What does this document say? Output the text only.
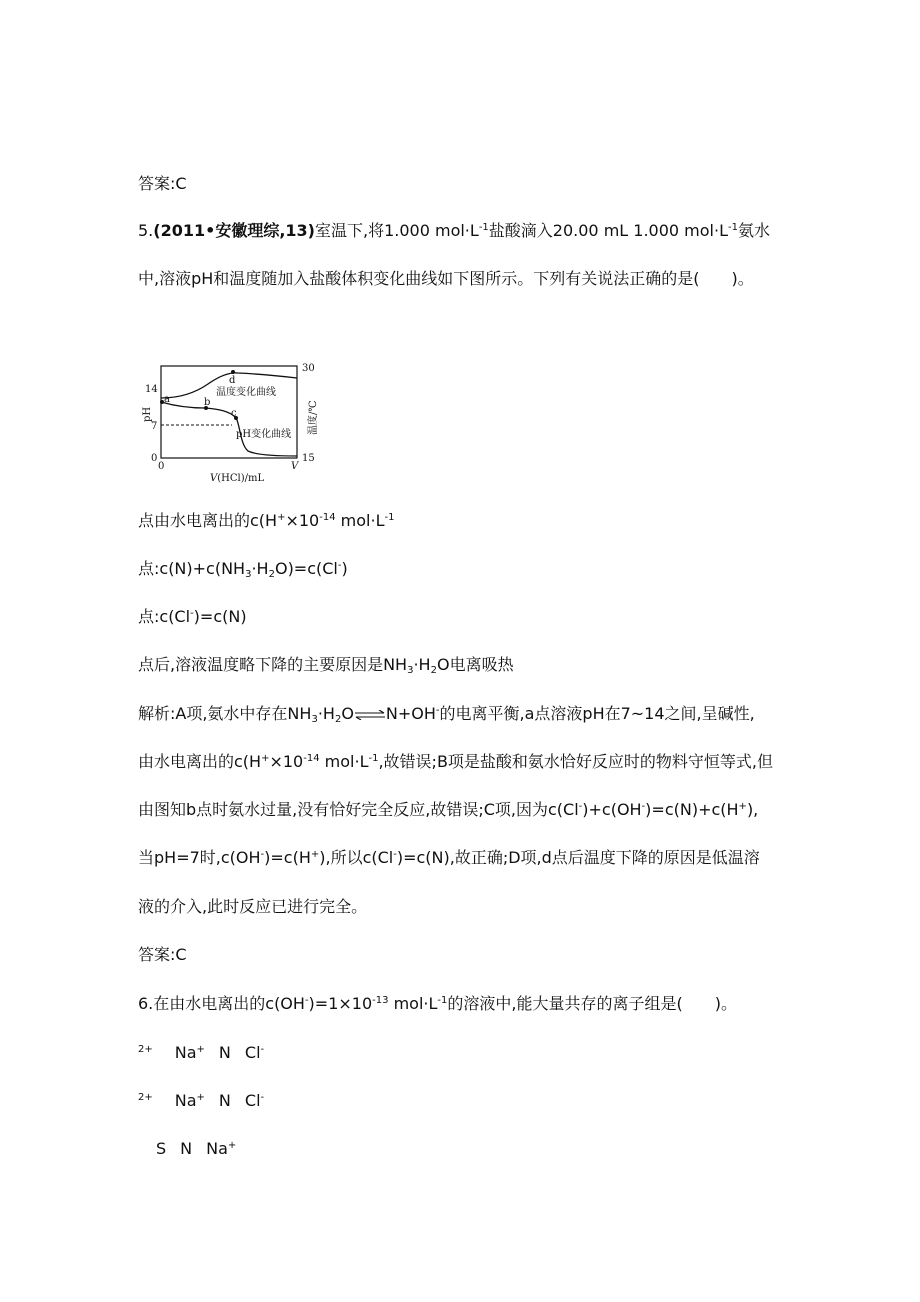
答案:C
5.(2011•安徽理综,13)室温下,将1.000 $mol\cdot L^{-1}$盐酸滴入20.00 mL 1.000 $mol\cdot L^{-1}$氨水
中,溶液pH和温度随加入盐酸体积变化曲线如下图所示。下列有关说法正确的是(　　)。
a	b
c
d
温度变化曲线
pH变化曲线
14
7
0
pH
30
15
温度/℃
0	V
V(HCl)/mL
点由水电离出的$c(H^+\times 10^{-14}$ $mol\cdot L^{-1}$
点$:c(N)+c(NH_3\cdot H_2O)=c(Cl^-)$
点:c(Cl-)=c(N)
点后,溶液温度略下降的主要原因是$NH_3\cdot H_2O$电离吸热
解析:A项,氨水中存在$NH_3\cdot H_2O\rightleftharpoons N+OH^-$的电离平衡,a点溶液pH在7~14之间,呈碱性,
由水电离出的$c(H^+\times 10^{-14}$ $mol\cdot L^{-1}$,故错误;B项是盐酸和氨水恰好反应时的物料守恒等式,但
由图知b点时氨水过量,没有恰好完全反应,故错误;C项,因为c(Cl-)+c(OH-)=c(N)+c(H+),
当pH=7时,c(OH-)=c(H+),所以c(Cl-)=c(N),故正确;D项,d点后温度下降的原因是低温溶
液的介入,此时反应已进行完全。
答案:C
6.在由水电离出的$c(OH^-)=1\times 10^{-13}$ $mol\cdot L^{-1}$的溶液中,能大量共存的离子组是(　　)。
$^{2+}$ Na+ N Cl-
$^{2+}$ Na+ N Cl-
S N Na+
